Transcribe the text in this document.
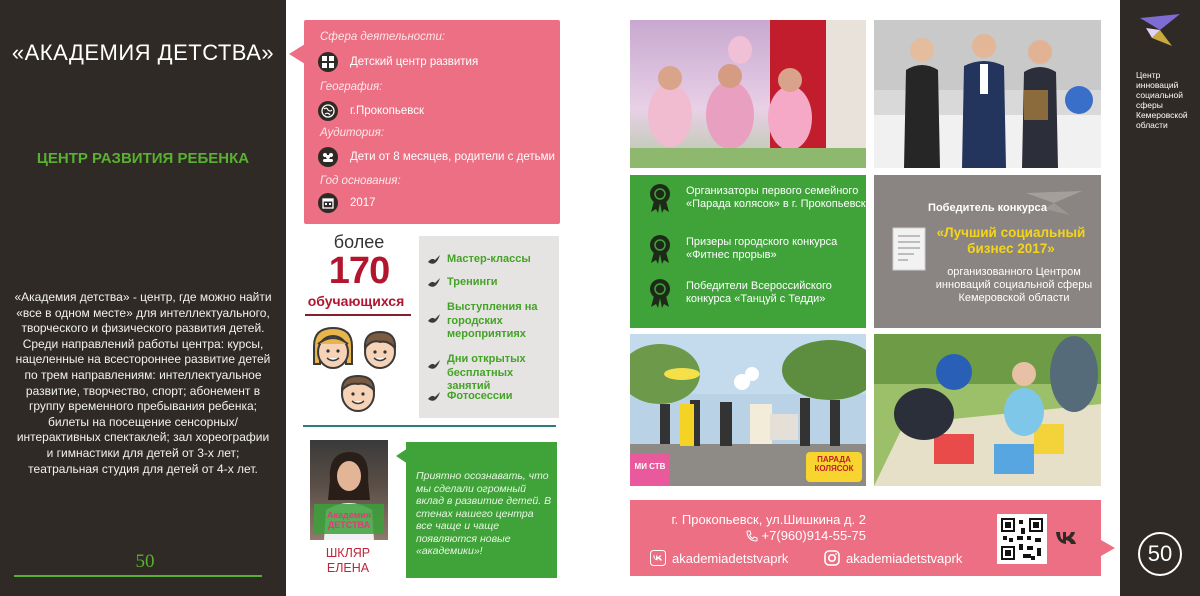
«АКАДЕМИЯ ДЕТСТВА»
ЦЕНТР РАЗВИТИЯ РЕБЕНКА
«Академия детства» - центр, где можно найти «все в одном месте» для интеллектуального, творческого и физического развития детей. Среди направлений работы центра: курсы, нацеленные на всестороннее развитие детей по трем направлениям: интеллектуальное развитие, творчество, спорт; абонемент в группу временного пребывания ребенка; билеты на посещение сенсорных/интерактивных спектаклей; зал хореографии и гимнастики для детей от 3-х лет; театральная студия для детей от 4-х лет.
50
Сфера деятельности:
Детский центр развития
География:
г.Прокопьевск
Аудитория:
Дети от 8 месяцев, родители с детьми
Год основания:
2017
более
170
обучающихся
Мастер-классы
Тренинги
Выступления на городских мероприятиях
Дни открытых бесплатных занятий
Фотосессии
Академия ДЕТСТВА
ШКЛЯР
ЕЛЕНА
Приятно осознавать, что мы сделали огромный вклад в развитие детей. В стенах нашего центра все чаще и чаще появляются новые «академики»!
Организаторы первого семейного «Парада колясок» в г. Прокопьевск
Призеры городского конкурса «Фитнес прорыв»
Победители Всероссийского конкурса «Танцуй с Тедди»
Победитель конкурса
«Лучший социальный бизнес 2017»
организованного Центром инноваций социальной сферы Кемеровской области
ПАРАДА КОЛЯСОК
МИ СТВ
г. Прокопьевск, ул.Шишкина д. 2
+7(960)914-55-75
akademiadetstvaprk	akademiadetstvaprk
Центр инноваций социальной сферы Кемеровской области
50
